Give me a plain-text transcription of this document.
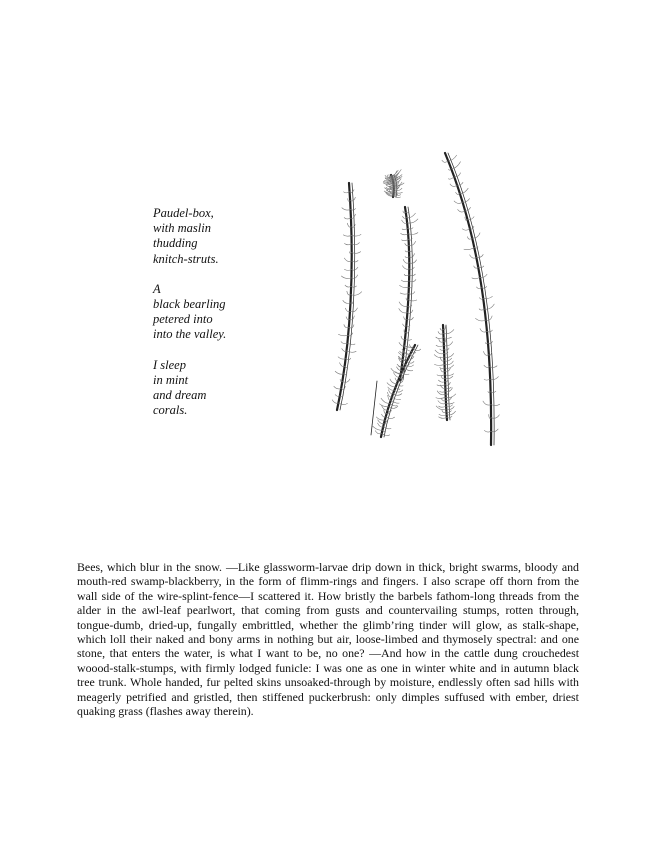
Paudel-box,
with maslin
thudding
knitch-struts.
A
black bearling
petered into
into the valley.
I sleep
in mint
and dream
corals.

Bees, which blur in the snow. —Like glassworm-larvae drip down in thick, bright swarms, bloody and mouth-red swamp-blackberry, in the form of flimm-rings and fingers. I also scrape off thorn from the wall side of the wire-splint-fence—I scattered it. How bristly the barbels fathom-long threads from the alder in the awl-leaf pearlwort, that coming from gusts and countervailing stumps, rotten through, tongue-dumb, dried-up, fungally embrittled, whether the glimb’ring tinder will glow, as stalk-shape, which loll their naked and bony arms in nothing but air, loose-limbed and thymosely spectral: and one stone, that enters the water, is what I want to be, no one? —And how in the cattle dung crouchedest woood-stalk-stumps, with firmly lodged funicle: I was one as one in winter white and in autumn black tree trunk. Whole handed, fur pelted skins unsoaked-through by moisture, endlessly often sad hills with meagerly petrified and gristled, then stiffened puckerbrush: only dimples suffused with ember, driest quaking grass (flashes away therein).
